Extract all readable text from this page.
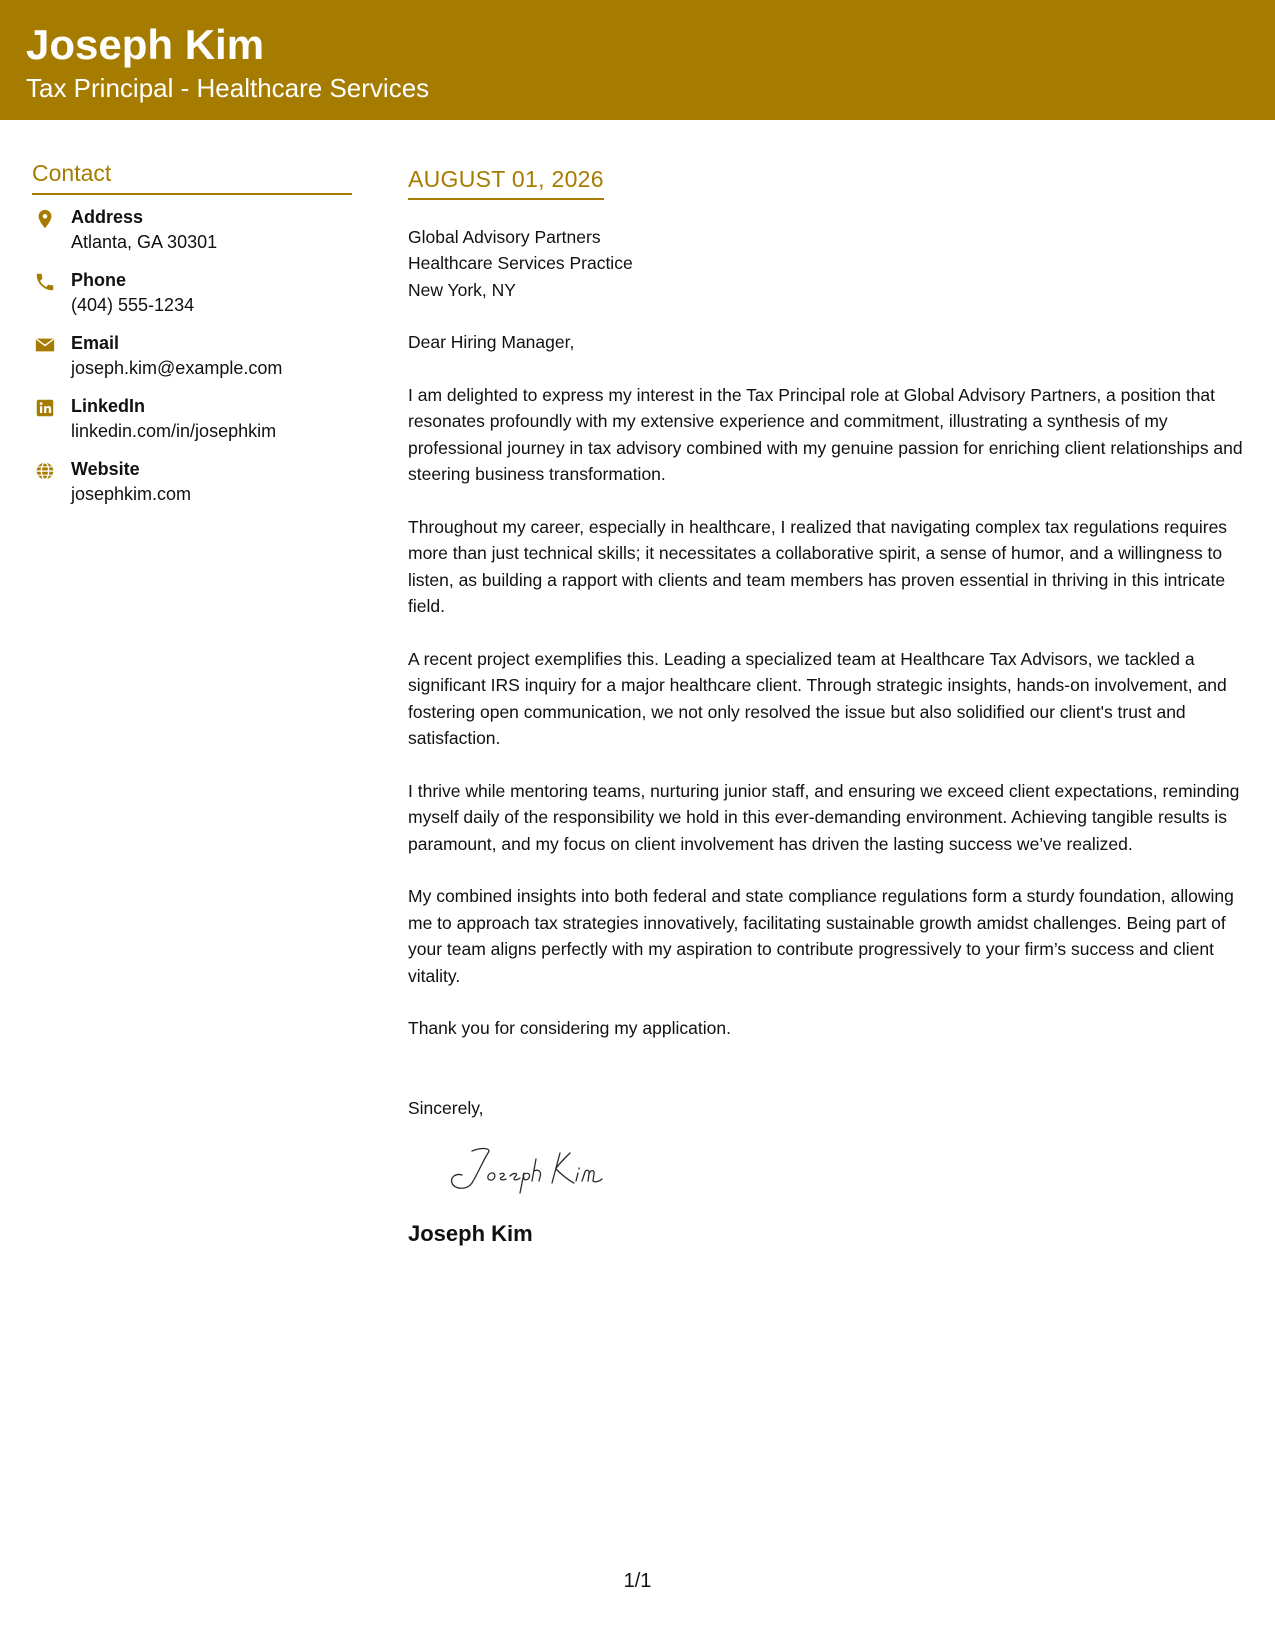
Joseph Kim
Tax Principal - Healthcare Services
Contact
Address
Atlanta, GA 30301
Phone
(404) 555-1234
Email
joseph.kim@example.com
LinkedIn
linkedin.com/in/josephkim
Website
josephkim.com
AUGUST 01, 2026
Global Advisory Partners
Healthcare Services Practice
New York, NY
Dear Hiring Manager,

I am delighted to express my interest in the Tax Principal role at Global Advisory Partners, a position that resonates profoundly with my extensive experience and commitment, illustrating a synthesis of my professional journey in tax advisory combined with my genuine passion for enriching client relationships and steering business transformation.

Throughout my career, especially in healthcare, I realized that navigating complex tax regulations requires more than just technical skills; it necessitates a collaborative spirit, a sense of humor, and a willingness to listen, as building a rapport with clients and team members has proven essential in thriving in this intricate field.

A recent project exemplifies this. Leading a specialized team at Healthcare Tax Advisors, we tackled a significant IRS inquiry for a major healthcare client. Through strategic insights, hands-on involvement, and fostering open communication, we not only resolved the issue but also solidified our client's trust and satisfaction.

I thrive while mentoring teams, nurturing junior staff, and ensuring we exceed client expectations, reminding myself daily of the responsibility we hold in this ever-demanding environment. Achieving tangible results is paramount, and my focus on client involvement has driven the lasting success we’ve realized.

My combined insights into both federal and state compliance regulations form a sturdy foundation, allowing me to approach tax strategies innovatively, facilitating sustainable growth amidst challenges. Being part of your team aligns perfectly with my aspiration to contribute progressively to your firm’s success and client vitality.

Thank you for considering my application.

Sincerely,
Joseph Kim
1/1
